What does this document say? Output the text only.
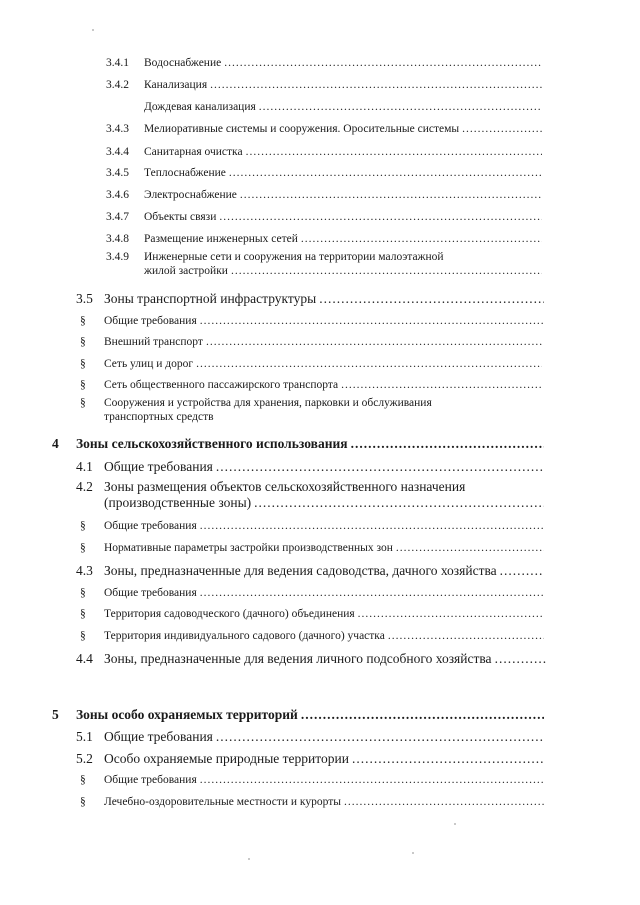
3.4.1 Водоснабжение
.....
3.4.2 Канализация
.....
Дождевая канализация
.....
3.4.3 Мелиоративные системы и сооружения. Оросительные системы
.....
3.4.4 Санитарная очистка
.....
3.4.5 Теплоснабжение
.....
3.4.6 Электроснабжение
.....
3.4.7 Объекты связи
.....
3.4.8 Размещение инженерных сетей
.....
3.4.9 Инженерные сети и сооружения на территории малоэтажной
жилой застройки
.....
3.5 Зоны транспортной инфраструктуры
.....
§ Общие требования
.....
§ Внешний транспорт
.....
§ Сеть улиц и дорог
.....
§ Сеть общественного пассажирского транспорта
.....
§ Сооружения и устройства для хранения, парковки и обслуживания
транспортных средств
4 Зоны сельскохозяйственного использования
.....
4.1 Общие требования
.....
4.2 Зоны размещения объектов сельскохозяйственного назначения
(производственные зоны)
.....
§ Общие требования
.....
§ Нормативные параметры застройки производственных зон
.....
4.3 Зоны, предназначенные для ведения садоводства, дачного хозяйства
.....
§ Общие требования
.....
§ Территория садоводческого (дачного) объединения
.....
§ Территория индивидуального садового (дачного) участка
.....
4.4 Зоны, предназначенные для ведения личного подсобного хозяйства
.....
5 Зоны особо охраняемых территорий
.....
5.1 Общие требования
.....
5.2 Особо охраняемые природные территории
.....
§ Общие требования
.....
§ Лечебно-оздоровительные местности и курорты
.....
